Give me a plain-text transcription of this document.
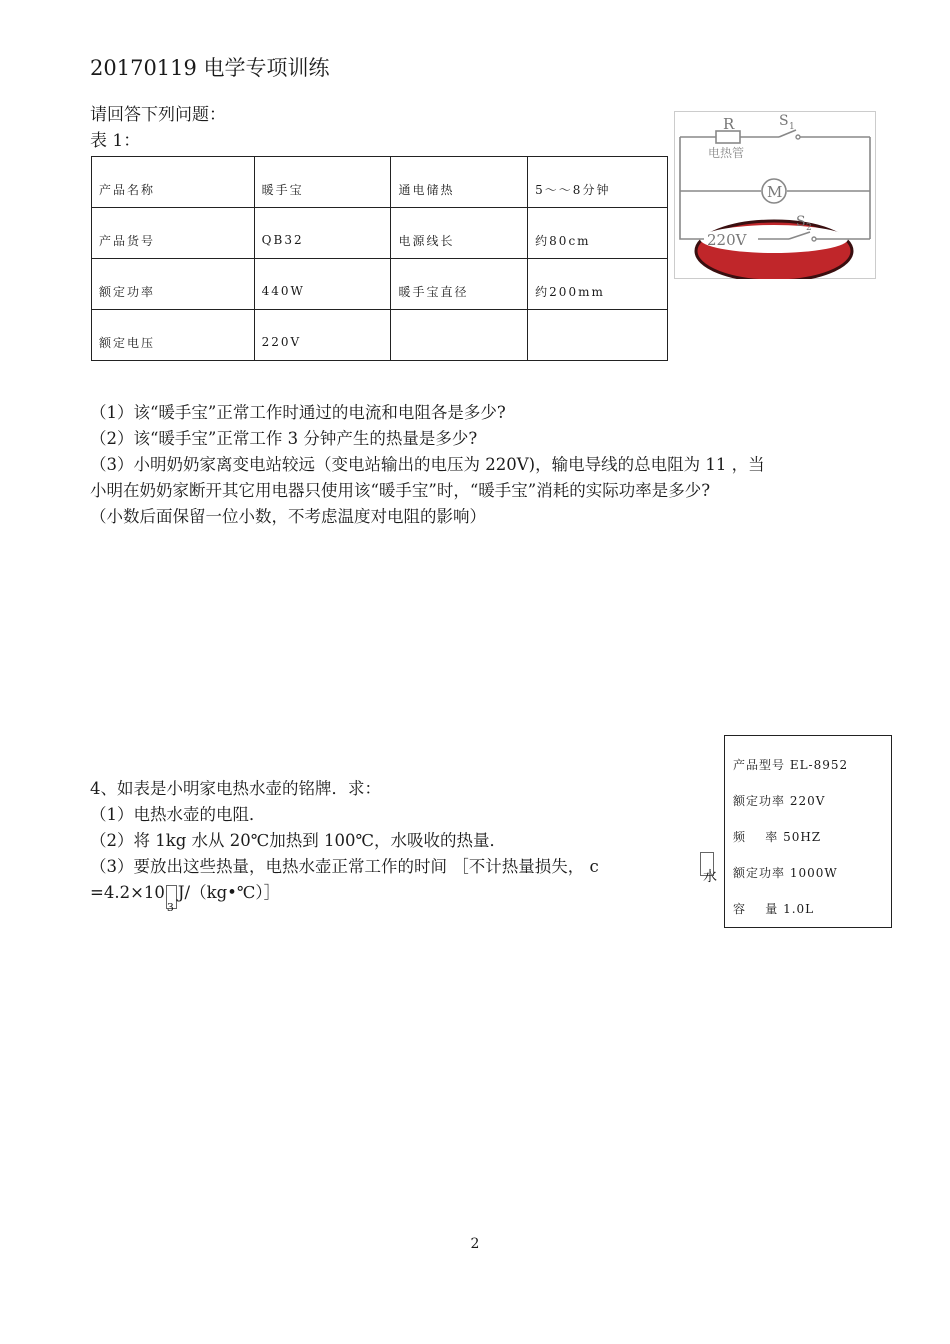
20170119 电学专项训练
请回答下列问题：
表 1：
产品名称	暖手宝	通电储热	5～～8分钟
产品货号	QB32	电源线长	约80cm
额定功率	440W	暖手宝直径	约200mm
额定电压	220V		
R
电热管
S 1
M
S 2
220V
（1）该“暖手宝”正常工作时通过的电流和电阻各是多少?
（2）该“暖手宝”正常工作 3 分钟产生的热量是多少?
（3）小明奶奶家离变电站较远（变电站输出的电压为 220V)，输电导线的总电阻为 11 ，当
小明在奶奶家断开其它用电器只使用该“暖手宝”时，“暖手宝”消耗的实际功率是多少?
（小数后面保留一位小数，不考虑温度对电阻的影响）
4、如表是小明家电热水壶的铭牌．求：
（1）电热水壶的电阻．
（2）将 1kg 水从 20℃加热到 100℃，水吸收的热量．
（3）要放出这些热量，电热水壶正常工作的时间 ［不计热量损失， c
$=4.2\times 10_3J/(kg•℃)]$
水
产品型号 EL-8952
额定功率 220V
频    率 50HZ
额定功率 1000W
容    量 1.0L
2
